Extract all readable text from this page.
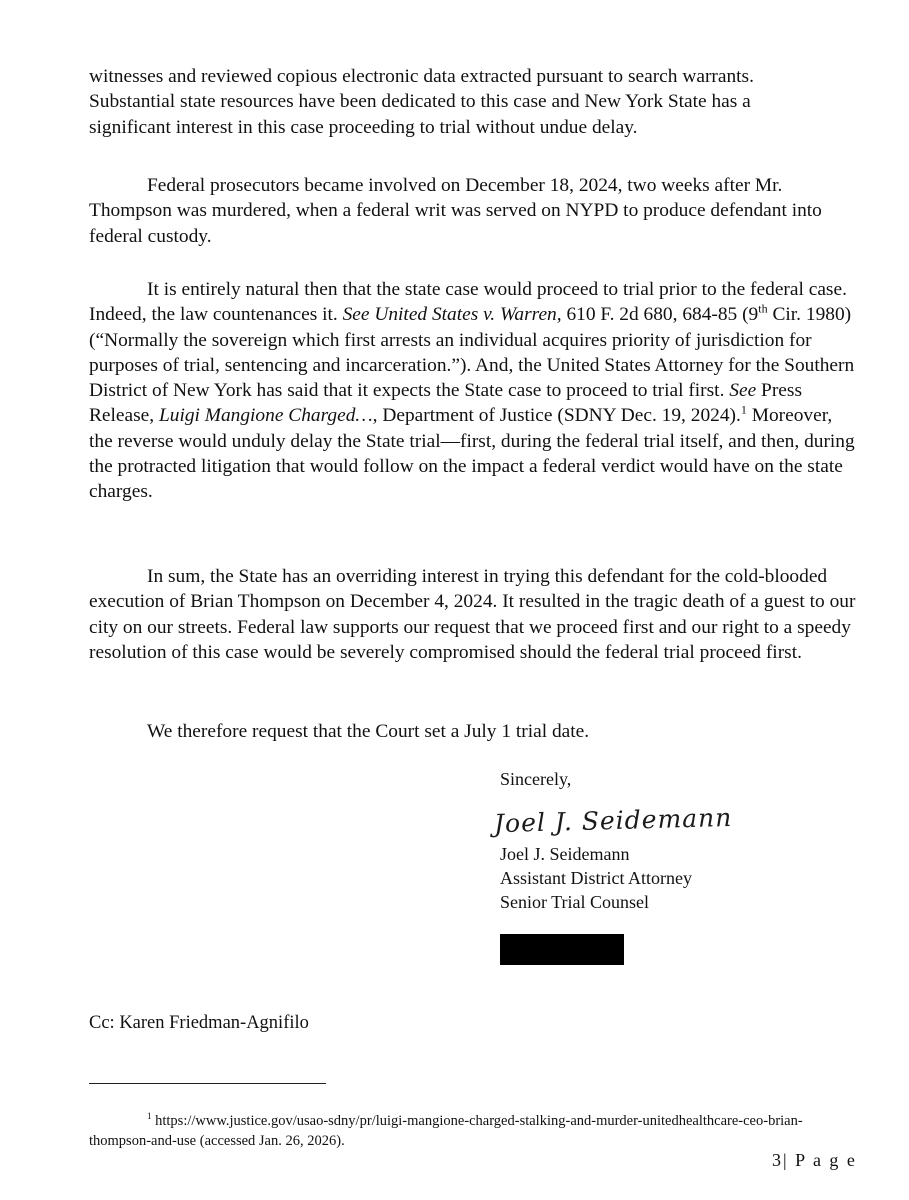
witnesses and reviewed copious electronic data extracted pursuant to search warrants.
Substantial state resources have been dedicated to this case and New York State has a
significant interest in this case proceeding to trial without undue delay.

Federal prosecutors became involved on December 18, 2024, two weeks after Mr. Thompson was murdered, when a federal writ was served on NYPD to produce defendant into federal custody.

It is entirely natural then that the state case would proceed to trial prior to the federal case. Indeed, the law countenances it. See United States v. Warren, 610 F. 2d 680, 684-85 (9th Cir. 1980) (“Normally the sovereign which first arrests an individual acquires priority of jurisdiction for purposes of trial, sentencing and incarceration.”). And, the United States Attorney for the Southern District of New York has said that it expects the State case to proceed to trial first. See Press Release, Luigi Mangione Charged…, Department of Justice (SDNY Dec. 19, 2024).$^1$ Moreover, the reverse would unduly delay the State trial—first, during the federal trial itself, and then, during the protracted litigation that would follow on the impact a federal verdict would have on the state charges.

In sum, the State has an overriding interest in trying this defendant for the cold-blooded execution of Brian Thompson on December 4, 2024. It resulted in the tragic death of a guest to our city on our streets. Federal law supports our request that we proceed first and our right to a speedy resolution of this case would be severely compromised should the federal trial proceed first.

We therefore request that the Court set a July 1 trial date.

Sincerely,
Joel J. Seidemann
Joel J. Seidemann
Assistant District Attorney
Senior Trial Counsel
Cc: Karen Friedman-Agnifilo

$^1$ https://www.justice.gov/usao-sdny/pr/luigi-mangione-charged-stalking-and-murder-unitedhealthcare-ceo-brian-thompson-and-use (accessed Jan. 26, 2026).

3| P a g e
